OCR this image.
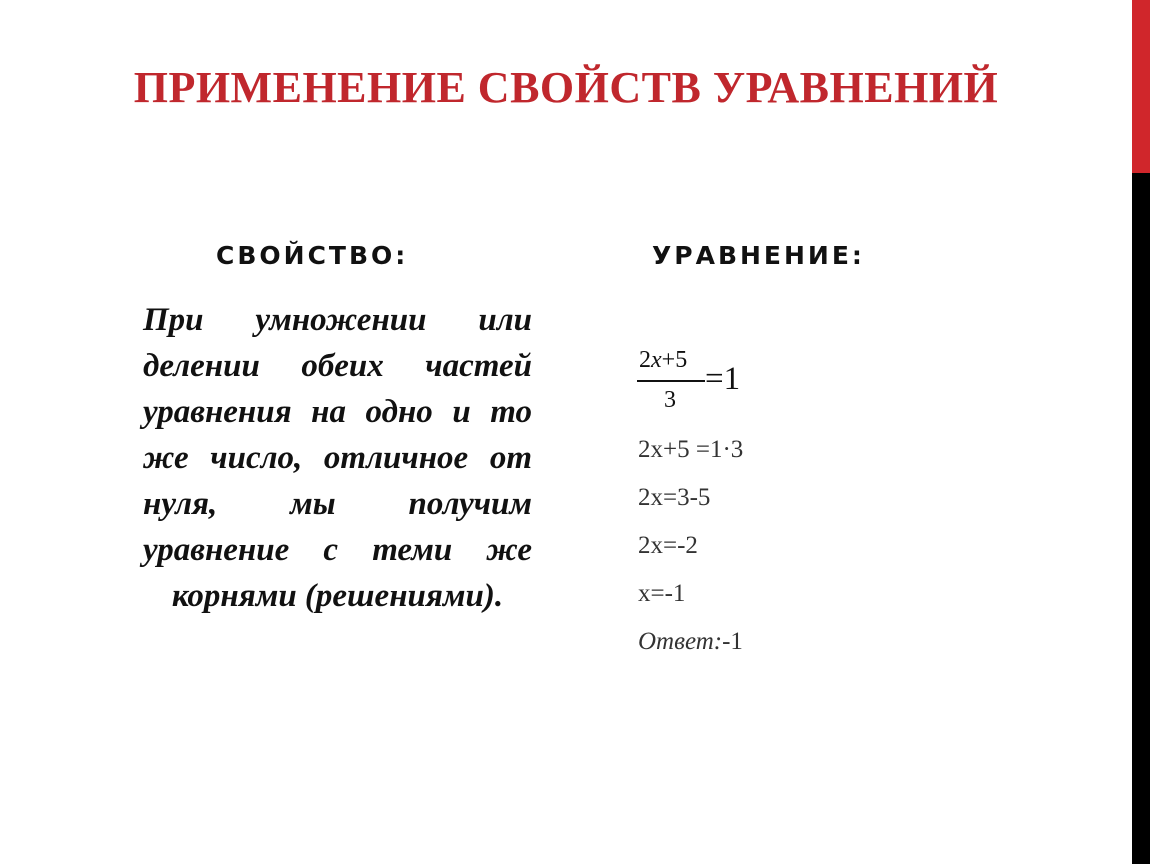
ПРИМЕНЕНИЕ СВОЙСТВ УРАВНЕНИЙ
СВОЙСТВО:	УРАВНЕНИЕ:
При умножении или делении обеих частей уравнения на одно и то же число, отличное от нуля, мы получим уравнение с теми же корнями (решениями).
2x+5
3
=1
2x+5 =1·3
2x=3-5
2x=-2
x=-1
Ответ:-1
